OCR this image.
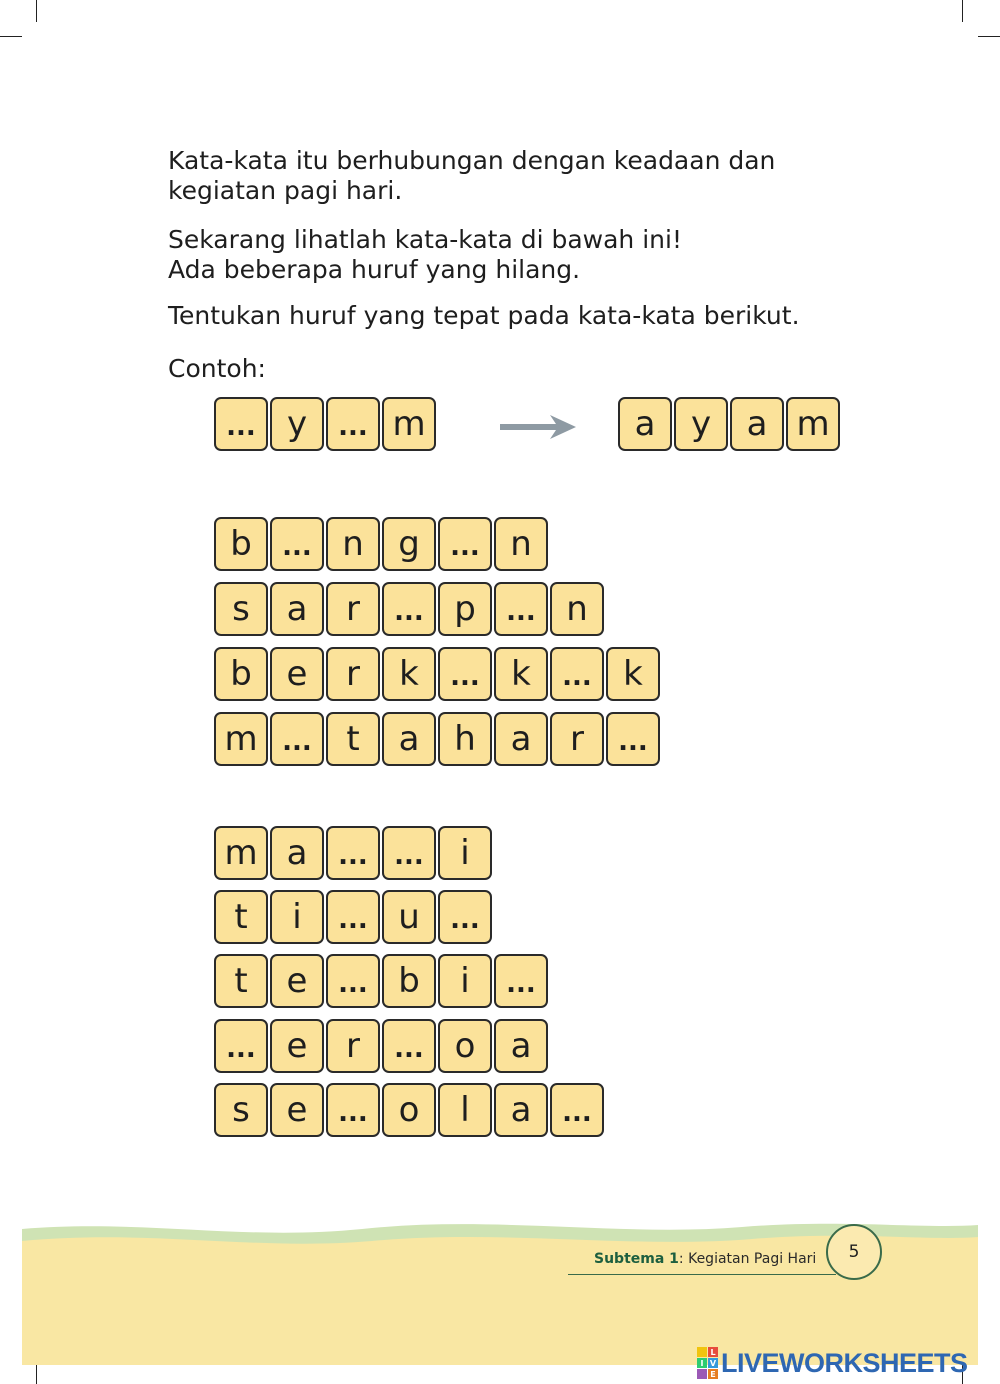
Kata-kata itu berhubungan dengan keadaan dan
kegiatan pagi hari.

Sekarang lihatlah kata-kata di bawah ini!
Ada beberapa huruf yang hilang.

Tentukan huruf yang tepat pada kata-kata berikut.

Contoh:

... y	... m	a	y	a m
b	... n	g	... n
s	a	r	... p	... n
b	e	r	k	... k	... k
m ...	t	a	h	a	r	...
m a	...	...	i
t	i	... u	...
t	e	... b	i	...
... e	r	... o	a
s	e	... o	l	a	...
Subtema 1: Kegiatan Pagi Hari 5
L
I V
E LIVEWORKSHEETS
